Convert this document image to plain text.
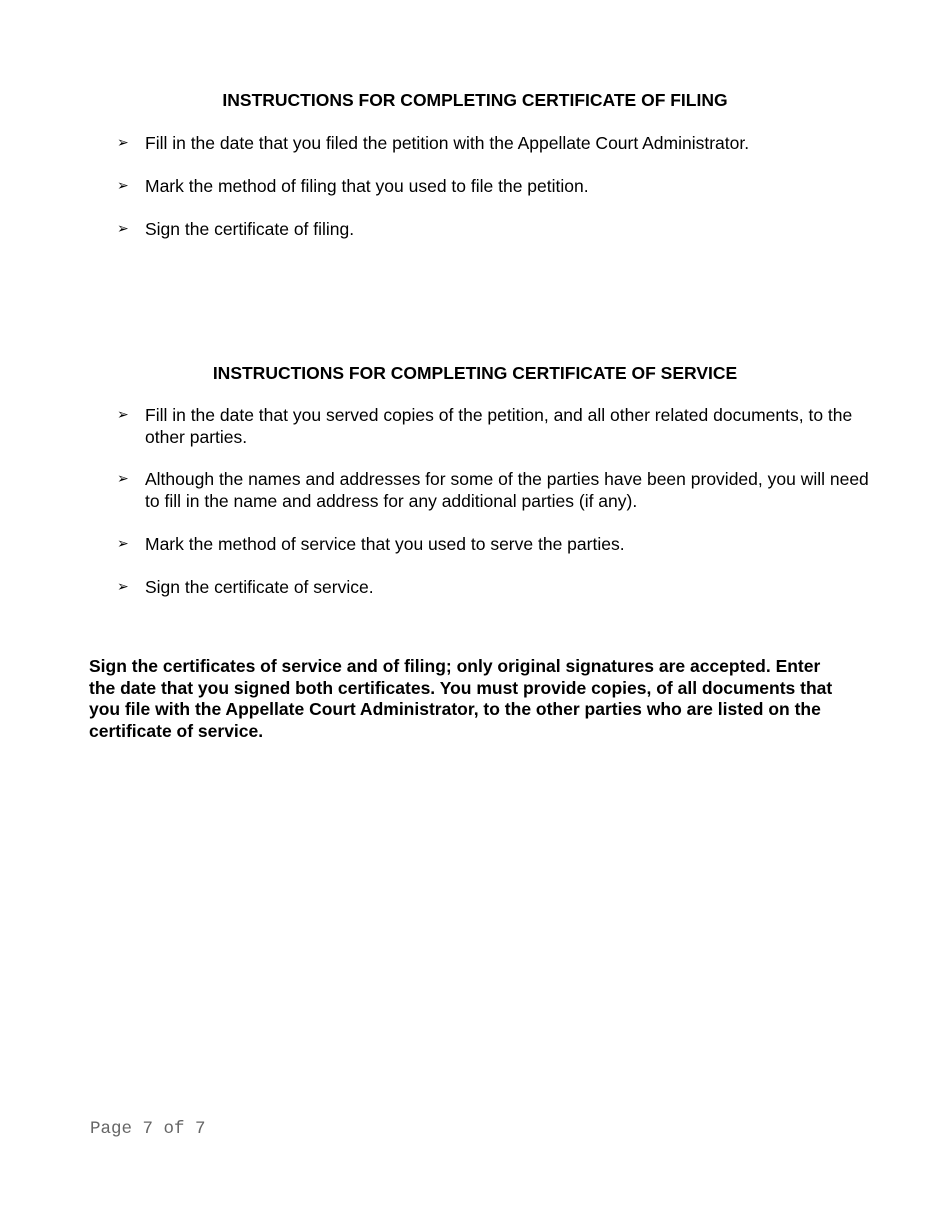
INSTRUCTIONS FOR COMPLETING CERTIFICATE OF FILING
➢ Fill in the date that you filed the petition with the Appellate Court Administrator.
➢ Mark the method of filing that you used to file the petition.
➢ Sign the certificate of filing.
INSTRUCTIONS FOR COMPLETING CERTIFICATE OF SERVICE
➢ Fill in the date that you served copies of the petition, and all other related documents, to the other parties.
➢ Although the names and addresses for some of the parties have been provided, you will need to fill in the name and address for any additional parties (if any).
➢ Mark the method of service that you used to serve the parties.
➢ Sign the certificate of service.

Sign the certificates of service and of filing; only original signatures are accepted. Enter the date that you signed both certificates. You must provide copies, of all documents that you file with the Appellate Court Administrator, to the other parties who are listed on the certificate of service.

Page 7 of 7
